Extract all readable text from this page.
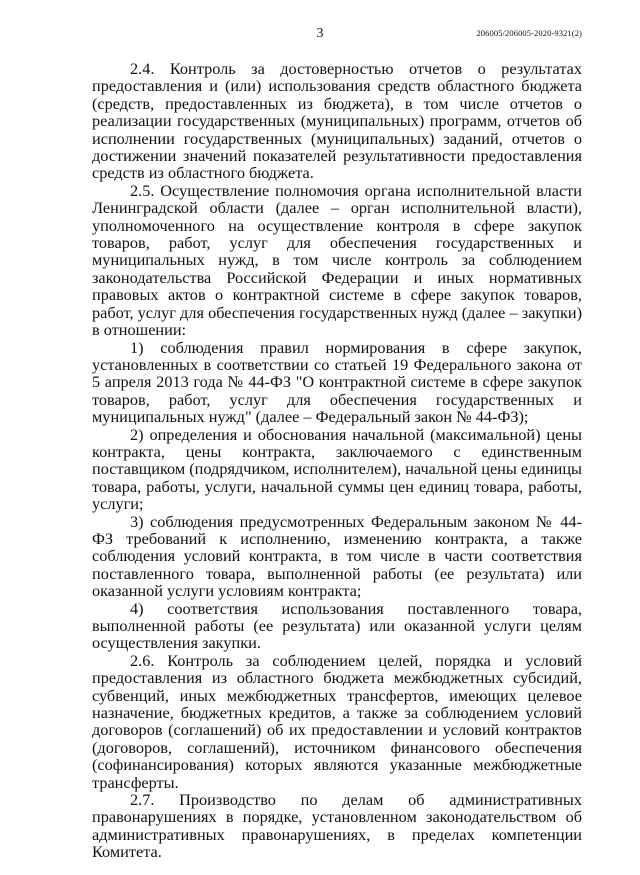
3	206005/206005-2020-9321(2)

2.4. Контроль за достоверностью отчетов о результатах предоставления и (или) использования средств областного бюджета (средств, предоставленных из бюджета), в том числе отчетов о реализации государственных (муниципальных) программ, отчетов об исполнении государственных (муниципальных) заданий, отчетов о достижении значений показателей результативности предоставления средств из областного бюджета.

2.5. Осуществление полномочия органа исполнительной власти Ленинградской области (далее – орган исполнительной власти), уполномоченного на осуществление контроля в сфере закупок товаров, работ, услуг для обеспечения государственных и муниципальных нужд, в том числе контроль за соблюдением законодательства Российской Федерации и иных нормативных правовых актов о контрактной системе в сфере закупок товаров, работ, услуг для обеспечения государственных нужд (далее – закупки) в отношении:

1) соблюдения правил нормирования в сфере закупок, установленных в соответствии со статьей 19 Федерального закона от 5 апреля 2013 года № 44-ФЗ "О контрактной системе в сфере закупок товаров, работ, услуг для обеспечения государственных и муниципальных нужд" (далее – Федеральный закон № 44-ФЗ);

2) определения и обоснования начальной (максимальной) цены контракта, цены контракта, заключаемого с единственным поставщиком (подрядчиком, исполнителем), начальной цены единицы товара, работы, услуги, начальной суммы цен единиц товара, работы, услуги;

3) соблюдения предусмотренных Федеральным законом № 44-ФЗ требований к исполнению, изменению контракта, а также соблюдения условий контракта, в том числе в части соответствия поставленного товара, выполненной работы (ее результата) или оказанной услуги условиям контракта;

4) соответствия использования поставленного товара, выполненной работы (ее результата) или оказанной услуги целям осуществления закупки.

2.6. Контроль за соблюдением целей, порядка и условий предоставления из областного бюджета межбюджетных субсидий, субвенций, иных межбюджетных трансфертов, имеющих целевое назначение, бюджетных кредитов, а также за соблюдением условий договоров (соглашений) об их предоставлении и условий контрактов (договоров, соглашений), источником финансового обеспечения (софинансирования) которых являются указанные межбюджетные трансферты.

2.7. Производство по делам об административных правонарушениях в порядке, установленном законодательством об административных правонарушениях, в пределах компетенции Комитета.
